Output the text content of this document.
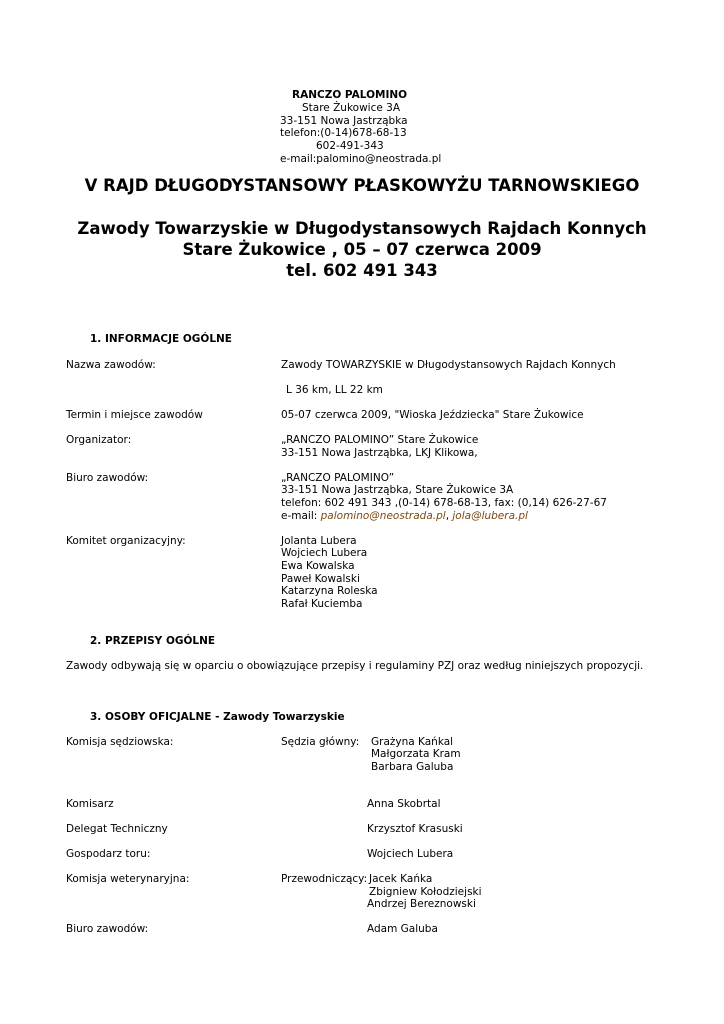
RANCZO PALOMINO
Stare Żukowice 3A
33-151 Nowa Jastrząbka
telefon:(0-14)678-68-13
602-491-343
e-mail:palomino@neostrada.pl
V RAJD DŁUGODYSTANSOWY PŁASKOWYŻU TARNOWSKIEGO
Zawody Towarzyskie w Długodystansowych Rajdach Konnych
Stare Żukowice , 05 – 07 czerwca 2009
tel. 602 491 343
1. INFORMACJE OGÓLNE
Nazwa zawodów:	Zawody TOWARZYSKIE w Długodystansowych Rajdach Konnych
L 36 km, LL 22 km
Termin i miejsce zawodów	05-07 czerwca 2009, "Wioska Jeździecka" Stare Żukowice
Organizator:	„RANCZO PALOMINO” Stare Żukowice
33-151 Nowa Jastrząbka, LKJ Klikowa,
Biuro zawodów:	„RANCZO PALOMINO”
33-151 Nowa Jastrząbka, Stare Żukowice 3A
telefon: 602 491 343 ,(0-14) 678-68-13, fax: (0,14) 626-27-67
e-mail: palomino@neostrada.pl, jola@lubera.pl
Komitet organizacyjny:	Jolanta Lubera
Wojciech Lubera
Ewa Kowalska
Paweł Kowalski
Katarzyna Roleska
Rafał Kuciemba
2. PRZEPISY OGÓLNE
Zawody odbywają się w oparciu o obowiązujące przepisy i regulaminy PZJ oraz według niniejszych propozycji.
3. OSOBY OFICJALNE - Zawody Towarzyskie
Komisja sędziowska:	Sędzia główny: Grażyna Kańkal
Małgorzata Kram
Barbara Galuba
Komisarz	Anna Skobrtal
Delegat Techniczny	Krzysztof Krasuski
Gospodarz toru:	Wojciech Lubera
Komisja weterynaryjna:	Przewodniczący: Jacek Kańka
Zbigniew Kołodziejski
Andrzej Bereznowski
Biuro zawodów:	Adam Galuba
